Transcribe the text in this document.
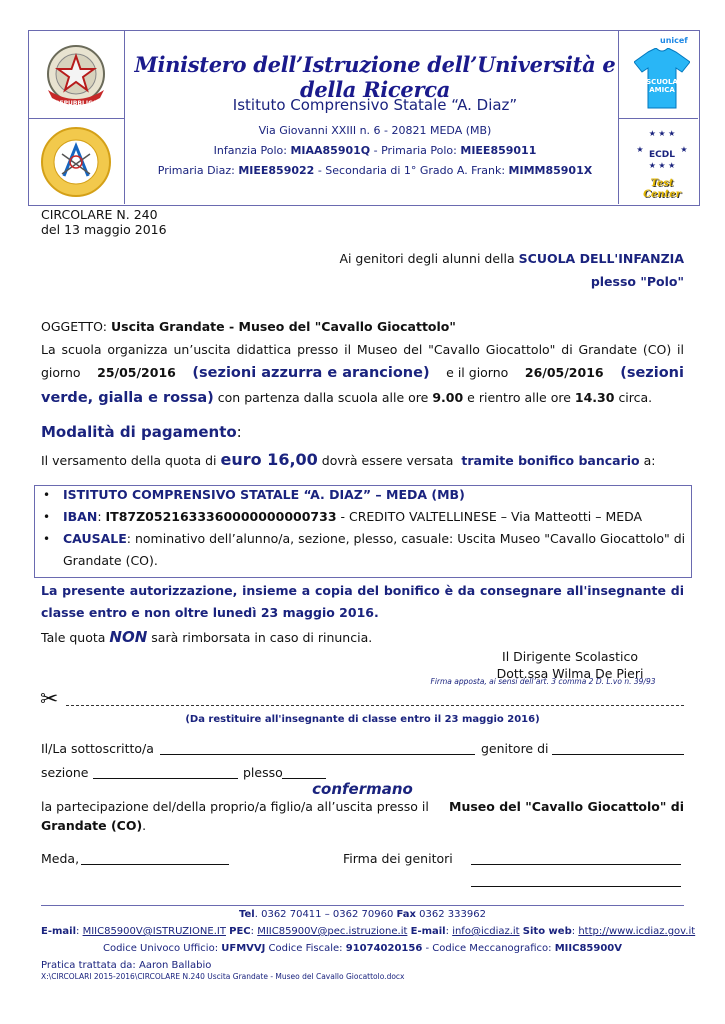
REPUBBLICA ITALIANA
Ministero dell’Istruzione dell’Università e della Ricerca
Istituto Comprensivo Statale “A. Diaz”
Via Giovanni XXIII n. 6 - 20821 MEDA (MB)
Infanzia Polo: MIAA85901Q - Primaria Polo: MIEE859011
Primaria Diaz: MIEE859022 - Secondaria di 1° Grado A. Frank: MIMM85901X
unicef
SCUOLA AMICA
★ ★ ★
★ ★ ★
★	★
ECDL
Test Center
CIRCOLARE N. 240
del 13 maggio 2016
Ai genitori degli alunni della SCUOLA DELL'INFANZIA
plesso "Polo"
OGGETTO: Uscita Grandate - Museo del "Cavallo Giocattolo"
La scuola organizza un’uscita didattica presso il Museo del "Cavallo Giocattolo" di Grandate (CO) il
giorno 25/05/2016 (sezioni azzurra e arancione) e il giorno 26/05/2016 (sezioni
verde, gialla e rossa) con partenza dalla scuola alle ore 9.00 e rientro alle ore 14.30 circa.
Modalità di pagamento:
Il versamento della quota di euro 16,00 dovrà essere versata tramite bonifico bancario a:
• ISTITUTO COMPRENSIVO STATALE “A. DIAZ” – MEDA (MB)
• IBAN: IT87Z0521633360000000000733 - CREDITO VALTELLINESE – Via Matteotti – MEDA
• CAUSALE: nominativo dell’alunno/a, sezione, plesso, casuale: Uscita Museo "Cavallo Giocattolo" di
Grandate (CO).
La presente autorizzazione, insieme a copia del bonifico è da consegnare all'insegnante di
classe entro e non oltre lunedì 23 maggio 2016.
Tale quota NON sarà rimborsata in caso di rinuncia.
Il Dirigente Scolastico
Dott.ssa Wilma De Pieri
Firma apposta, ai sensi dell’art. 3 comma 2 D. L.vo n. 39/93
✂
(Da restituire all'insegnante di classe entro il 23 maggio 2016)
Il/La sottoscritto/a	genitore di
sezione	plesso
confermano
la partecipazione del/della proprio/a figlio/a all’uscita presso il Museo del "Cavallo Giocattolo" di
Grandate (CO).
Meda,	Firma dei genitori
Tel. 0362 70411 – 0362 70960 Fax 0362 333962
E-mail: MIIC85900V@ISTRUZIONE.IT PEC: MIIC85900V@pec.istruzione.it E-mail: info@icdiaz.it Sito web: http://www.icdiaz.gov.it
Codice Univoco Ufficio: UFMVVJ Codice Fiscale: 91074020156 - Codice Meccanografico: MIIC85900V
Pratica trattata da: Aaron Ballabio
X:\CIRCOLARI 2015-2016\CIRCOLARE N.240 Uscita Grandate - Museo del Cavallo Giocattolo.docx
